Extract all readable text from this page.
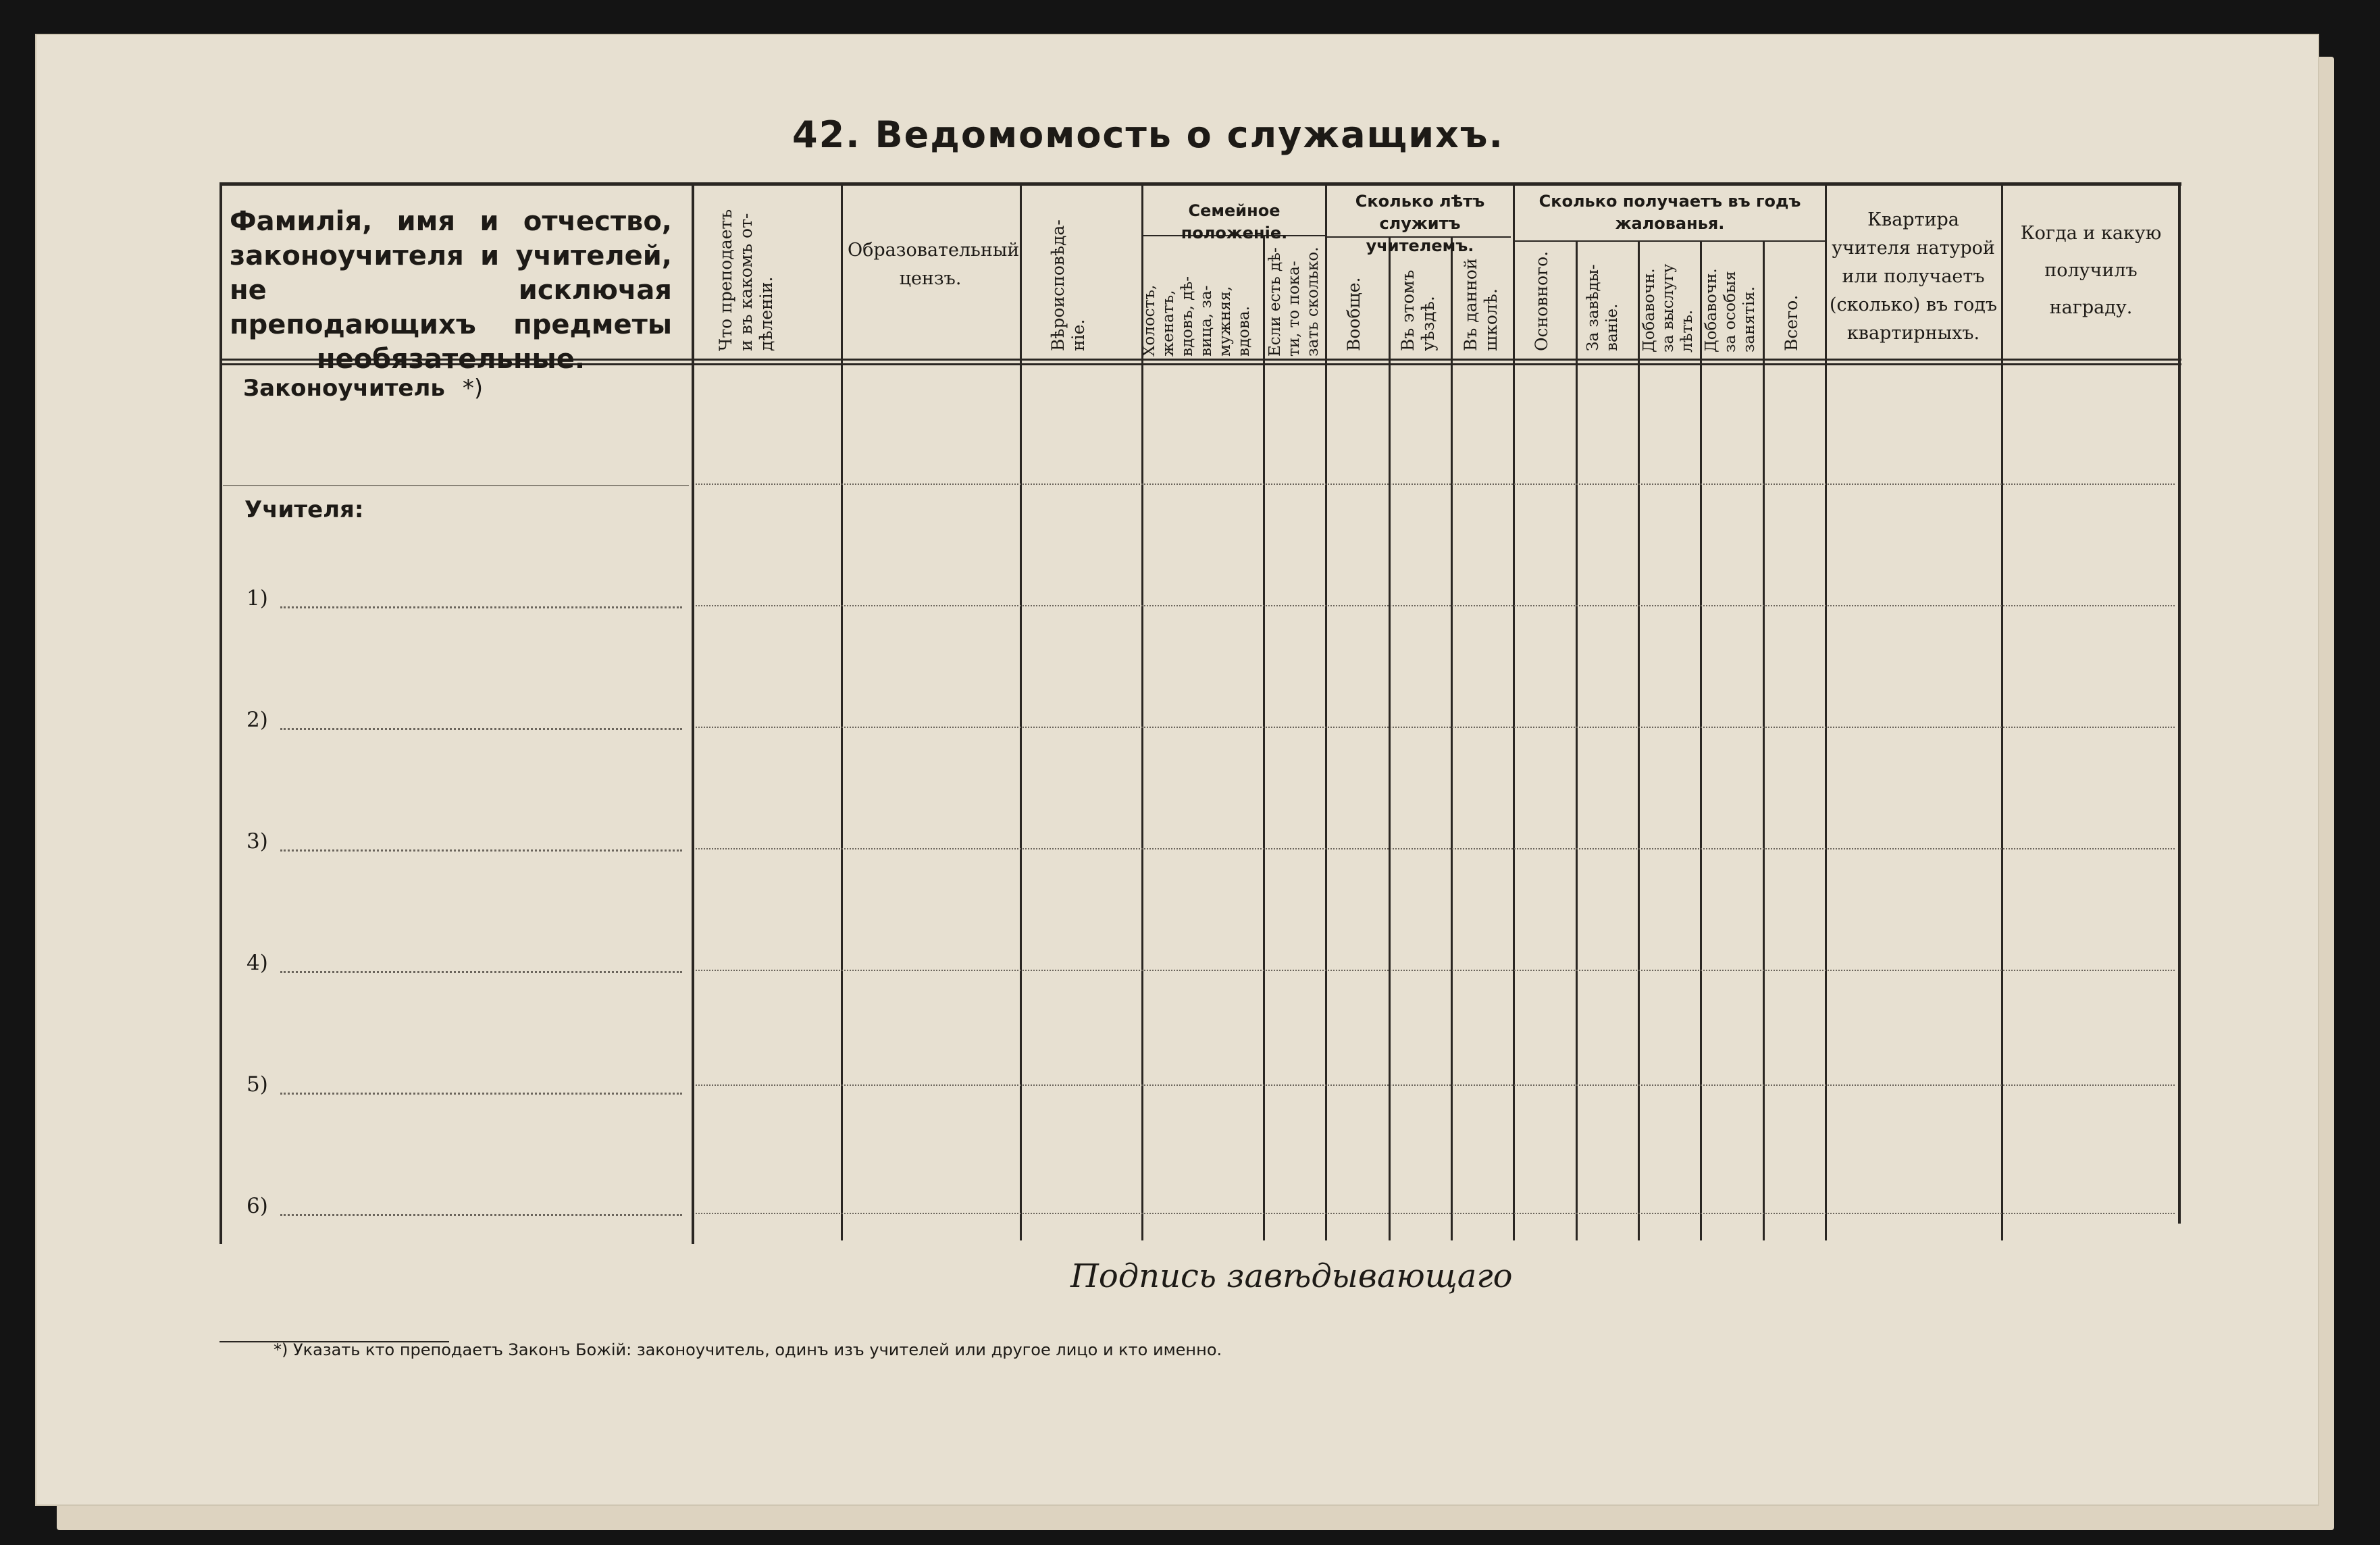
42. Ведомомость о служащихъ.
Фамилія, имя и отчество, законоучителя и учителей, не исключая преподающихъ предметы необязательные.
Что преподаетъ
и въ какомъ от-
дѣленіи.
Образовательный цензъ.	Вѣроисповѣда-
ніе.
Семейное положеніе.
Холостъ,
женатъ,
вдовъ, дѣ-
вица, за-
мужняя,
вдова. Если есть дѣ-
ти, то пока-
зать сколько.
Сколько лѣтъ служитъ учителемъ.
Вообще. Въ этомъ
уѣздѣ. Въ данной
школѣ.
Сколько получаетъ въ годъ жалованья.
Основного. За завѣды-
ваніе. Добавочн.
за выслугу
лѣтъ. Добавочн.
за особыя
занятія. Всего.
Квартира учителя натурой или получаетъ (сколько) въ годъ квартирныхъ.
Когда и какую получилъ награду.
Законоучитель *)
Учителя:
1)
2)
3)
4)
5)
6)
Подпись завѣдывающаго
*) Указать кто преподаетъ Законъ Божій: законоучитель, одинъ изъ учителей или другое лицо и кто именно.
